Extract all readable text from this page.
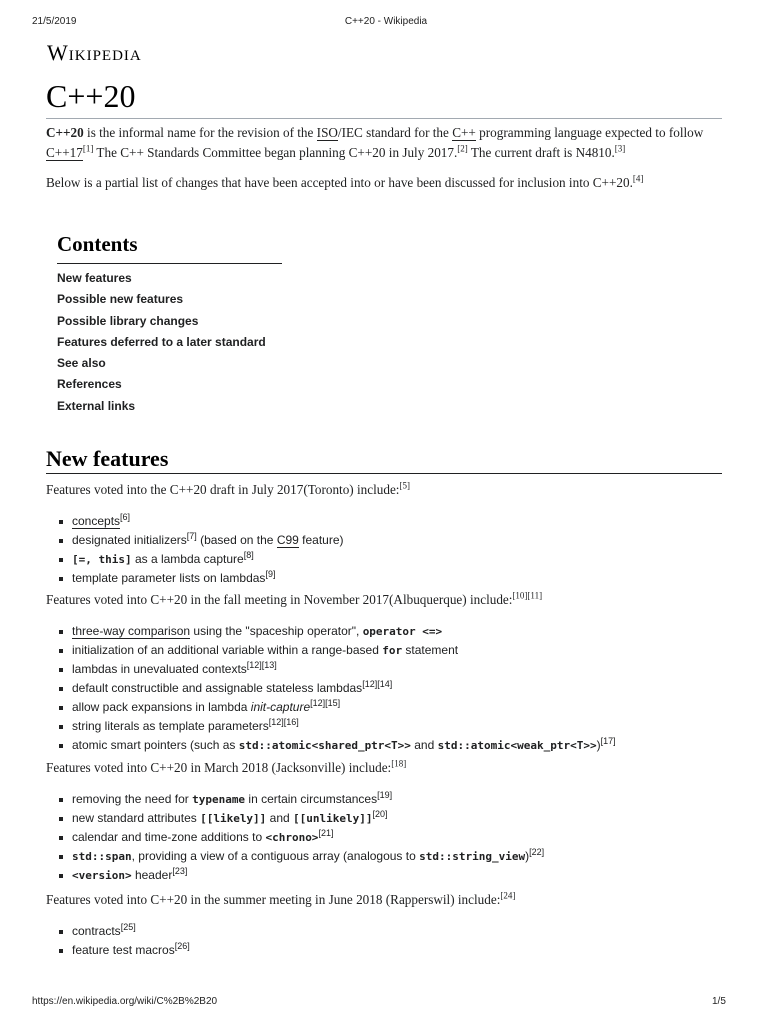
21/5/2019	C++20 - Wikipedia
Wikipedia
C++20

C++20 is the informal name for the revision of the ISO/IEC standard for the C++ programming language expected to follow C++17[1] The C++ Standards Committee began planning C++20 in July 2017.[2] The current draft is N4810.[3]

Below is a partial list of changes that have been accepted into or have been discussed for inclusion into C++20.[4]

Contents
New features
Possible new features
Possible library changes
Features deferred to a later standard
See also
References
External links
New features

Features voted into the C++20 draft in July 2017(Toronto) include:[5]

concepts[6]
designated initializers[7] (based on the C99 feature)
[=, this] as a lambda capture[8]
template parameter lists on lambdas[9]

Features voted into C++20 in the fall meeting in November 2017(Albuquerque) include:[10][11]

three-way comparison using the "spaceship operator", operator <=>
initialization of an additional variable within a range-based for statement
lambdas in unevaluated contexts[12][13]
default constructible and assignable stateless lambdas[12][14]
allow pack expansions in lambda init-capture[12][15]
string literals as template parameters[12][16]
atomic smart pointers (such as std::atomic<shared_ptr<T>> and std::atomic<weak_ptr<T>>)[17]

Features voted into C++20 in March 2018 (Jacksonville) include:[18]

removing the need for typename in certain circumstances[19]
new standard attributes [[likely]] and [[unlikely]][20]
calendar and time-zone additions to <chrono>[21]
std::span, providing a view of a contiguous array (analogous to std::string_view)[22]
<version> header[23]

Features voted into C++20 in the summer meeting in June 2018 (Rapperswil) include:[24]

contracts[25]
feature test macros[26]
https://en.wikipedia.org/wiki/C%2B%2B20	1/5
